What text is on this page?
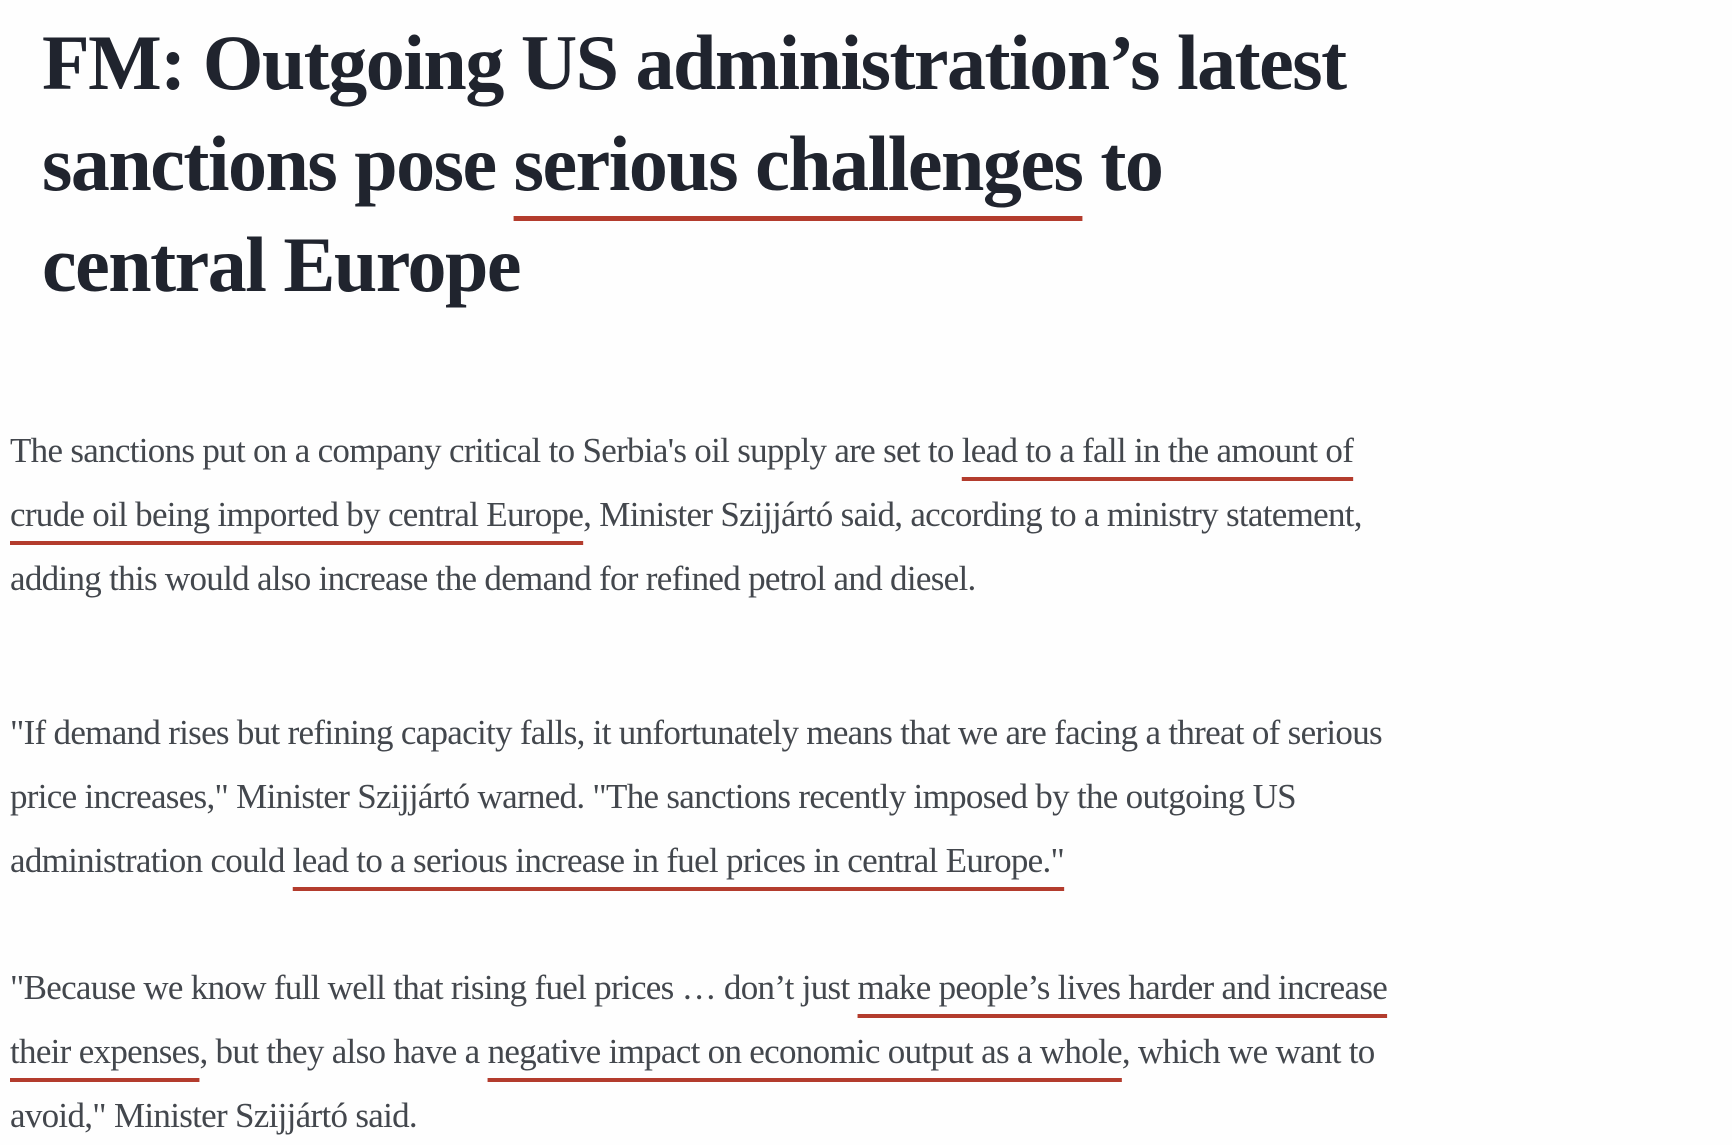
FM: Outgoing US administration’s latest
sanctions pose serious challenges to
central Europe

The sanctions put on a company critical to Serbia's oil supply are set to lead to a fall in the amount of
crude oil being imported by central Europe, Minister Szijjártó said, according to a ministry statement,
adding this would also increase the demand for refined petrol and diesel.

"If demand rises but refining capacity falls, it unfortunately means that we are facing a threat of serious
price increases," Minister Szijjártó warned. "The sanctions recently imposed by the outgoing US
administration could lead to a serious increase in fuel prices in central Europe."

"Because we know full well that rising fuel prices … don’t just make people’s lives harder and increase
their expenses, but they also have a negative impact on economic output as a whole, which we want to
avoid," Minister Szijjártó said.
